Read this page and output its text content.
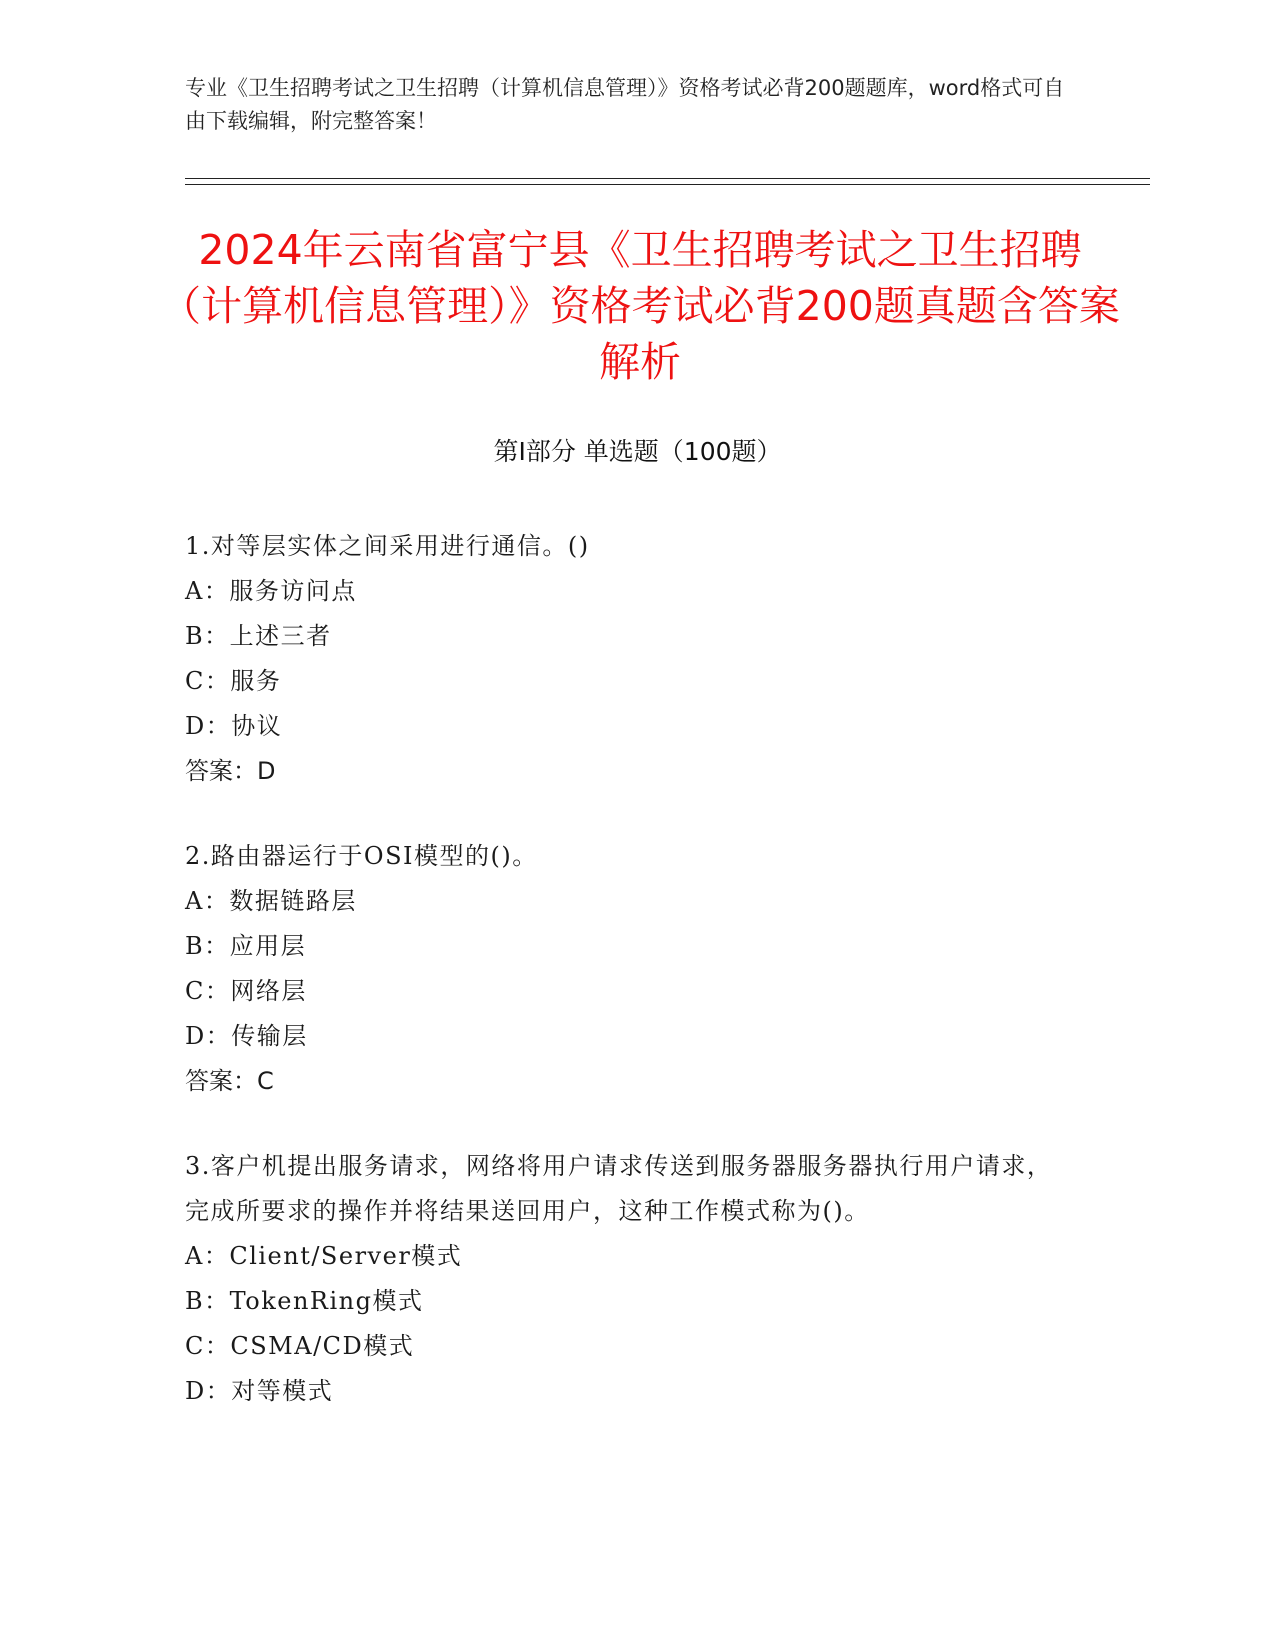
专业《卫生招聘考试之卫生招聘（计算机信息管理）》资格考试必背200题题库，word格式可自由下载编辑，附完整答案！
2024年云南省富宁县《卫生招聘考试之卫生招聘（计算机信息管理）》资格考试必背200题真题含答案解析
第Ⅰ部分 单选题（100题）
1.对等层实体之间采用进行通信。()
A：服务访问点
B：上述三者
C：服务
D：协议
答案：D
2.路由器运行于OSI模型的()。
A：数据链路层
B：应用层
C：网络层
D：传输层
答案：C
3.客户机提出服务请求，网络将用户请求传送到服务器服务器执行用户请求，完成所要求的操作并将结果送回用户，这种工作模式称为()。
A：Client/Server模式
B：TokenRing模式
C：CSMA/CD模式
D：对等模式
